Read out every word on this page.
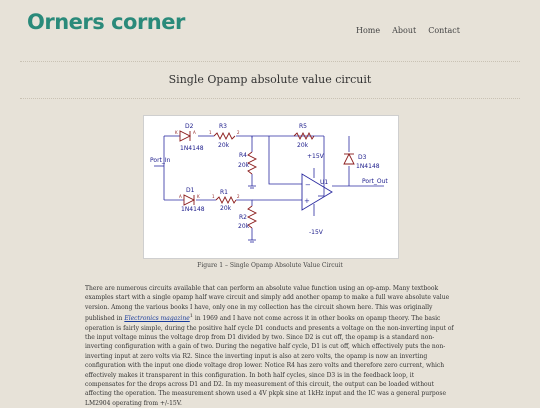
Orners corner	Home About Contact
Single Opamp absolute value circuit
D2
1N4148
R3
20k
R5
20k
R4
20k
Port_In
D1
1N4148
R1
20k
R2
20k
D3
1N4148
+15V
-15V
U1	Port_Out
K	A
A	K
1	2
1	2
−
+
Figure 1 – Single Opamp Absolute Value Circuit
There are numerous circuits available that can perform an absolute value function using an op-amp. Many textbook examples start with a single opamp half wave circuit and simply add another opamp to make a full wave absolute value version. Among the various books I have, only one in my collection has the circuit shown here. This was originally published in Electronics magazine$^1$ in 1969 and I have not come across it in other books on opamp theory. The basic operation is fairly simple, during the positive half cycle D1 conducts and presents a voltage on the non-inverting input of the input voltage minus the voltage drop from D1 divided by two. Since D2 is cut off, the opamp is a standard non-inverting configuration with a gain of two. During the negative half cycle, D1 is cut off, which effectively puts the non-inverting input at zero volts via R2. Since the inverting input is also at zero volts, the opamp is now an inverting configuration with the input one diode voltage drop lower. Notice R4 has zero volts and therefore zero current, which effectively makes it transparent in this configuration. In both half cycles, since D3 is in the feedback loop, it compensates for the drops across D1 and D2. In my measurement of this circuit, the output can be loaded without affecting the operation. The measurement shown used a 4V pkpk sine at 1kHz input and the IC was a general purpose LM2904 operating from +/-15V.
